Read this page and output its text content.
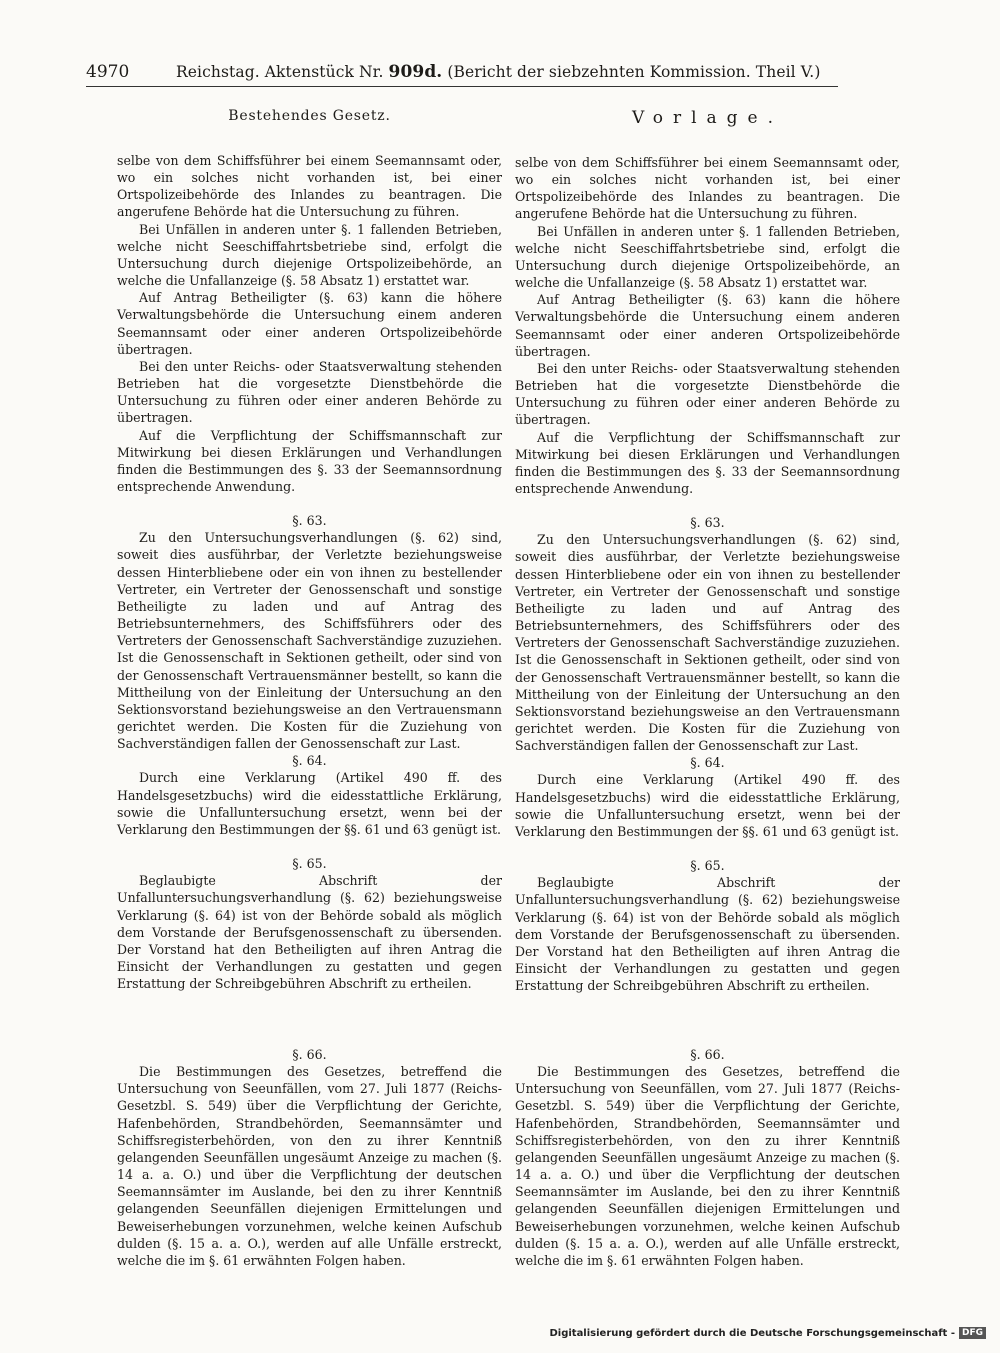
4970	Reichstag. Aktenstück Nr. 909d. (Bericht der siebzehnten Kommission. Theil V.)
Bestehendes Gesetz.

selbe von dem Schiffsführer bei einem Seemannsamt oder, wo ein solches nicht vorhanden ist, bei einer Ortspolizeibehörde des Inlandes zu beantragen. Die angerufene Behörde hat die Untersuchung zu führen.

Bei Unfällen in anderen unter §. 1 fallenden Betrieben, welche nicht Seeschiffahrtsbetriebe sind, erfolgt die Untersuchung durch diejenige Ortspolizeibehörde, an welche die Unfallanzeige (§. 58 Absatz 1) erstattet war.

Auf Antrag Betheiligter (§. 63) kann die höhere Verwaltungsbehörde die Untersuchung einem anderen Seemannsamt oder einer anderen Ortspolizeibehörde übertragen.

Bei den unter Reichs- oder Staatsverwaltung stehenden Betrieben hat die vorgesetzte Dienstbehörde die Untersuchung zu führen oder einer anderen Behörde zu übertragen.

Auf die Verpflichtung der Schiffsmannschaft zur Mitwirkung bei diesen Erklärungen und Verhandlungen finden die Bestimmungen des §. 33 der Seemannsordnung entsprechende Anwendung.

§. 63.

Zu den Untersuchungsverhandlungen (§. 62) sind, soweit dies ausführbar, der Verletzte beziehungsweise dessen Hinterbliebene oder ein von ihnen zu bestellender Vertreter, ein Vertreter der Genossenschaft und sonstige Betheiligte zu laden und auf Antrag des Betriebsunternehmers, des Schiffsführers oder des Vertreters der Genossenschaft Sachverständige zuzuziehen. Ist die Genossenschaft in Sektionen getheilt, oder sind von der Genossenschaft Vertrauensmänner bestellt, so kann die Mittheilung von der Einleitung der Untersuchung an den Sektionsvorstand beziehungsweise an den Vertrauensmann gerichtet werden. Die Kosten für die Zuziehung von Sachverständigen fallen der Genossenschaft zur Last.

§. 64.

Durch eine Verklarung (Artikel 490 ff. des Handelsgesetzbuchs) wird die eidesstattliche Erklärung, sowie die Unfalluntersuchung ersetzt, wenn bei der Verklarung den Bestimmungen der §§. 61 und 63 genügt ist.

§. 65.

Beglaubigte Abschrift der Unfalluntersuchungsverhandlung (§. 62) beziehungsweise Verklarung (§. 64) ist von der Behörde sobald als möglich dem Vorstande der Berufsgenossenschaft zu übersenden. Der Vorstand hat den Betheiligten auf ihren Antrag die Einsicht der Verhandlungen zu gestatten und gegen Erstattung der Schreibgebühren Abschrift zu ertheilen.

§. 66.

Die Bestimmungen des Gesetzes, betreffend die Untersuchung von Seeunfällen, vom 27. Juli 1877 (Reichs-Gesetzbl. S. 549) über die Verpflichtung der Gerichte, Hafenbehörden, Strandbehörden, Seemannsämter und Schiffsregisterbehörden, von den zu ihrer Kenntniß gelangenden Seeunfällen ungesäumt Anzeige zu machen (§. 14 a. a. O.) und über die Verpflichtung der deutschen Seemannsämter im Auslande, bei den zu ihrer Kenntniß gelangenden Seeunfällen diejenigen Ermittelungen und Beweiserhebungen vorzunehmen, welche keinen Aufschub dulden (§. 15 a. a. O.), werden auf alle Unfälle erstreckt, welche die im §. 61 erwähnten Folgen haben.

Vorlage.

selbe von dem Schiffsführer bei einem Seemannsamt oder, wo ein solches nicht vorhanden ist, bei einer Ortspolizeibehörde des Inlandes zu beantragen. Die angerufene Behörde hat die Untersuchung zu führen.

Bei Unfällen in anderen unter §. 1 fallenden Betrieben, welche nicht Seeschiffahrtsbetriebe sind, erfolgt die Untersuchung durch diejenige Ortspolizeibehörde, an welche die Unfallanzeige (§. 58 Absatz 1) erstattet war.

Auf Antrag Betheiligter (§. 63) kann die höhere Verwaltungsbehörde die Untersuchung einem anderen Seemannsamt oder einer anderen Ortspolizeibehörde übertragen.

Bei den unter Reichs- oder Staatsverwaltung stehenden Betrieben hat die vorgesetzte Dienstbehörde die Untersuchung zu führen oder einer anderen Behörde zu übertragen.

Auf die Verpflichtung der Schiffsmannschaft zur Mitwirkung bei diesen Erklärungen und Verhandlungen finden die Bestimmungen des §. 33 der Seemannsordnung entsprechende Anwendung.

§. 63.

Zu den Untersuchungsverhandlungen (§. 62) sind, soweit dies ausführbar, der Verletzte beziehungsweise dessen Hinterbliebene oder ein von ihnen zu bestellender Vertreter, ein Vertreter der Genossenschaft und sonstige Betheiligte zu laden und auf Antrag des Betriebsunternehmers, des Schiffsführers oder des Vertreters der Genossenschaft Sachverständige zuzuziehen. Ist die Genossenschaft in Sektionen getheilt, oder sind von der Genossenschaft Vertrauensmänner bestellt, so kann die Mittheilung von der Einleitung der Untersuchung an den Sektionsvorstand beziehungsweise an den Vertrauensmann gerichtet werden. Die Kosten für die Zuziehung von Sachverständigen fallen der Genossenschaft zur Last.

§. 64.

Durch eine Verklarung (Artikel 490 ff. des Handelsgesetzbuchs) wird die eidesstattliche Erklärung, sowie die Unfalluntersuchung ersetzt, wenn bei der Verklarung den Bestimmungen der §§. 61 und 63 genügt ist.

§. 65.

Beglaubigte Abschrift der Unfalluntersuchungsverhandlung (§. 62) beziehungsweise Verklarung (§. 64) ist von der Behörde sobald als möglich dem Vorstande der Berufsgenossenschaft zu übersenden. Der Vorstand hat den Betheiligten auf ihren Antrag die Einsicht der Verhandlungen zu gestatten und gegen Erstattung der Schreibgebühren Abschrift zu ertheilen.

§. 66.

Die Bestimmungen des Gesetzes, betreffend die Untersuchung von Seeunfällen, vom 27. Juli 1877 (Reichs-Gesetzbl. S. 549) über die Verpflichtung der Gerichte, Hafenbehörden, Strandbehörden, Seemannsämter und Schiffsregisterbehörden, von den zu ihrer Kenntniß gelangenden Seeunfällen ungesäumt Anzeige zu machen (§. 14 a. a. O.) und über die Verpflichtung der deutschen Seemannsämter im Auslande, bei den zu ihrer Kenntniß gelangenden Seeunfällen diejenigen Ermittelungen und Beweiserhebungen vorzunehmen, welche keinen Aufschub dulden (§. 15 a. a. O.), werden auf alle Unfälle erstreckt, welche die im §. 61 erwähnten Folgen haben.

Digitalisierung gefördert durch die Deutsche Forschungsgemeinschaft - DFG
